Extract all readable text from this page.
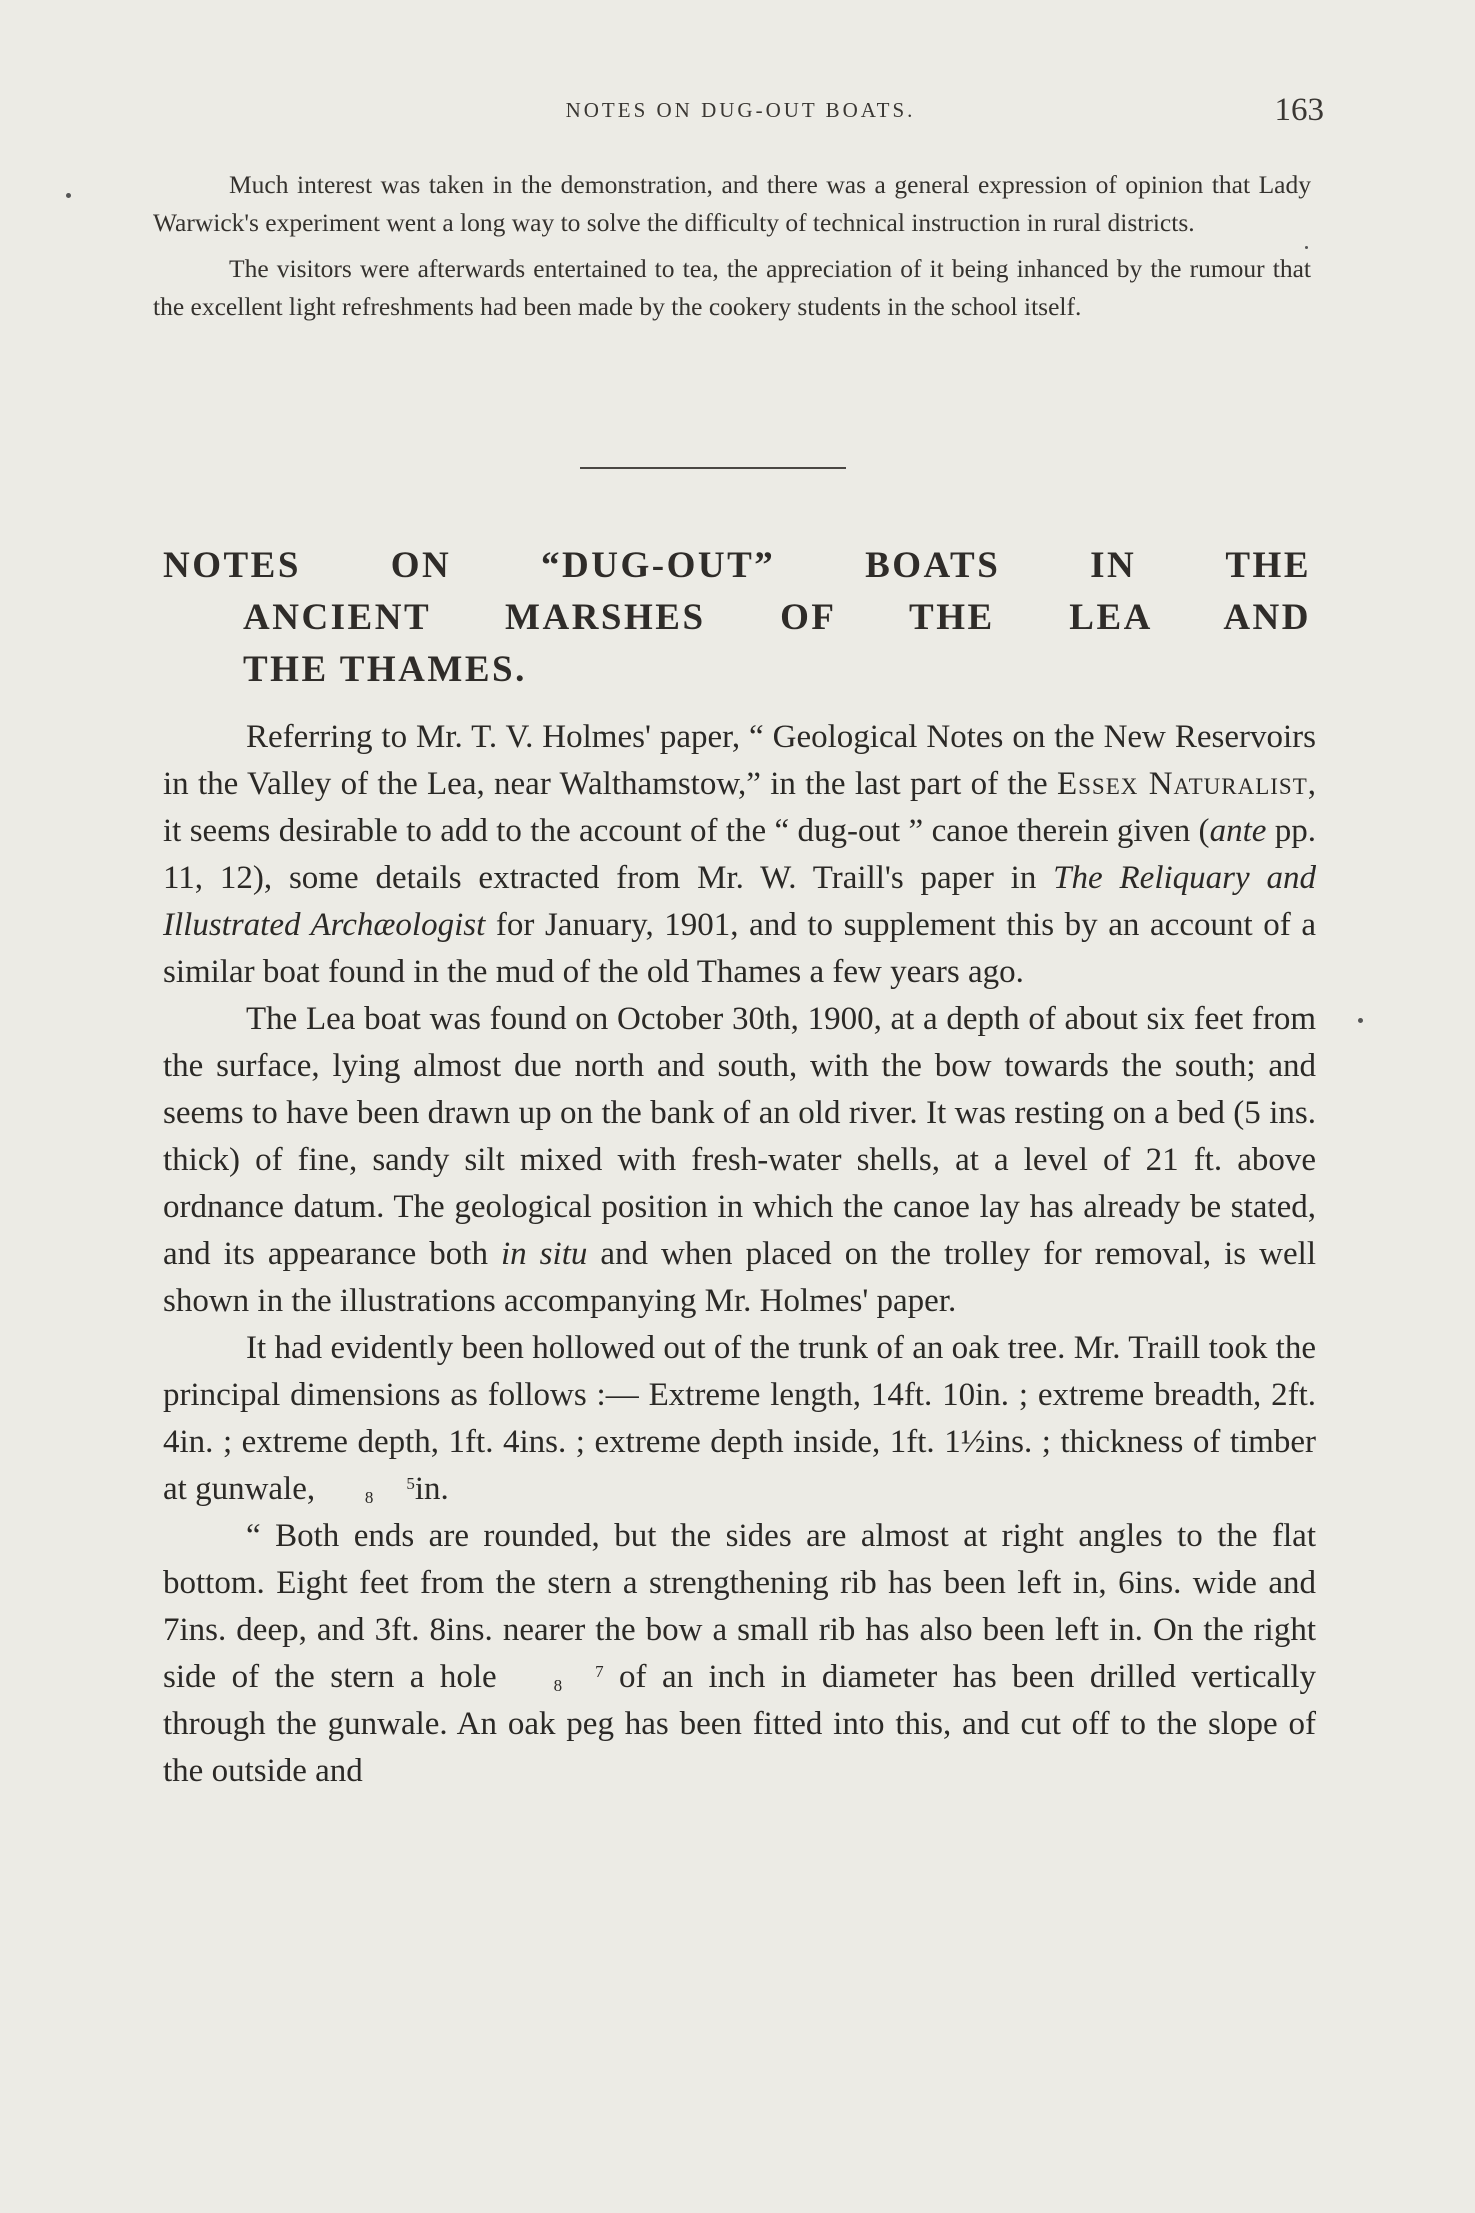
NOTES ON DUG-OUT BOATS.	163

Much interest was taken in the demonstration, and there was a general expression of opinion that Lady Warwick's experiment went a long way to solve the difficulty of technical instruction in rural districts.

The visitors were afterwards entertained to tea, the appreciation of it being inhanced by the rumour that the excellent light refreshments had been made by the cookery students in the school itself.

NOTES ON “DUG-OUT” BOATS IN THE
ANCIENT MARSHES OF THE LEA AND
THE THAMES.

Referring to Mr. T. V. Holmes' paper, “ Geological Notes on the New Reservoirs in the Valley of the Lea, near Walthamstow,” in the last part of the Essex Naturalist, it seems desirable to add to the account of the “ dug-out ” canoe therein given (ante pp. 11, 12), some details extracted from Mr. W. Traill's paper in The Reliquary and Illustrated Archæologist for January, 1901, and to supplement this by an account of a similar boat found in the mud of the old Thames a few years ago.

The Lea boat was found on October 30th, 1900, at a depth of about six feet from the surface, lying almost due north and south, with the bow towards the south; and seems to have been drawn up on the bank of an old river. It was resting on a bed (5 ins. thick) of fine, sandy silt mixed with fresh-water shells, at a level of 21 ft. above ordnance datum. The geological position in which the canoe lay has already be stated, and its appearance both in situ and when placed on the trolley for removal, is well shown in the illustrations accompanying Mr. Holmes' paper.

It had evidently been hollowed out of the trunk of an oak tree. Mr. Traill took the principal dimensions as follows :— Extreme length, 14ft. 10in. ; extreme breadth, 2ft. 4in. ; extreme depth, 1ft. 4ins. ; extreme depth inside, 1ft. 1½ins. ; thickness of timber at gunwale,	5
8 in.

“ Both ends are rounded, but the sides are almost at right angles to the flat bottom. Eight feet from the stern a strengthening rib has been left in, 6ins. wide and 7ins. deep, and 3ft. 8ins. nearer the bow a small rib has also been left in. On the right side of the stern a hole	7
8 of an inch in diameter has been drilled vertically through the gunwale. An oak peg has been fitted into this, and cut off to the slope of the outside and
